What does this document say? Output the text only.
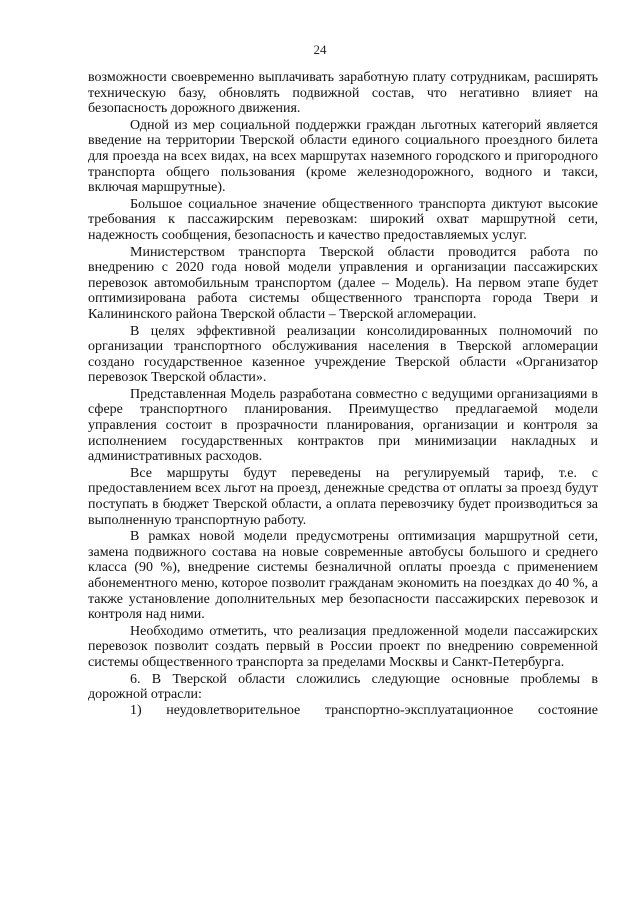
24

возможности своевременно выплачивать заработную плату сотрудникам, расширять техническую базу, обновлять подвижной состав, что негативно влияет на безопасность дорожного движения.

Одной из мер социальной поддержки граждан льготных категорий является введение на территории Тверской области единого социального проездного билета для проезда на всех видах, на всех маршрутах наземного городского и пригородного транспорта общего пользования (кроме железнодорожного, водного и такси, включая маршрутные).

Большое социальное значение общественного транспорта диктуют высокие требования к пассажирским перевозкам: широкий охват маршрутной сети, надежность сообщения, безопасность и качество предоставляемых услуг.

Министерством транспорта Тверской области проводится работа по внедрению с 2020 года новой модели управления и организации пассажирских перевозок автомобильным транспортом (далее – Модель). На первом этапе будет оптимизирована работа системы общественного транспорта города Твери и Калининского района Тверской области – Тверской агломерации.

В целях эффективной реализации консолидированных полномочий по организации транспортного обслуживания населения в Тверской агломерации создано государственное казенное учреждение Тверской области «Организатор перевозок Тверской области».

Представленная Модель разработана совместно с ведущими организациями в сфере транспортного планирования. Преимущество предлагаемой модели управления состоит в прозрачности планирования, организации и контроля за исполнением государственных контрактов при минимизации накладных и административных расходов.

Все маршруты будут переведены на регулируемый тариф, т.е. с предоставлением всех льгот на проезд, денежные средства от оплаты за проезд будут поступать в бюджет Тверской области, а оплата перевозчику будет производиться за выполненную транспортную работу.

В рамках новой модели предусмотрены оптимизация маршрутной сети, замена подвижного состава на новые современные автобусы большого и среднего класса (90 %), внедрение системы безналичной оплаты проезда с применением абонементного меню, которое позволит гражданам экономить на поездках до 40 %, а также установление дополнительных мер безопасности пассажирских перевозок и контроля над ними.

Необходимо отметить, что реализация предложенной модели пассажирских перевозок позволит создать первый в России проект по внедрению современной системы общественного транспорта за пределами Москвы и Санкт-Петербурга.

6. В Тверской области сложились следующие основные проблемы в дорожной отрасли:

1) неудовлетворительное транспортно-эксплуатационное состояние
